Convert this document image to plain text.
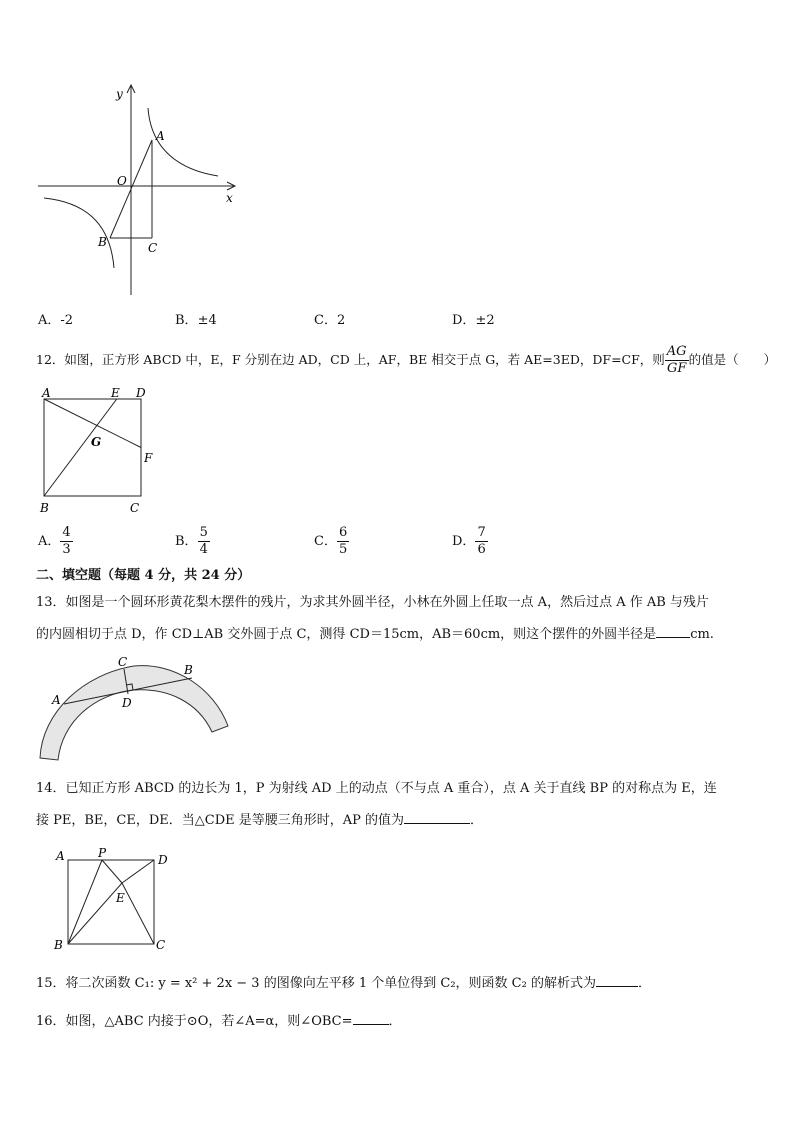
y
x
O
A
B	C
A．-2	B．±4	C．2	D．±2
12．如图，正方形 ABCD 中，E，F 分别在边 AD，CD 上，AF，BE 相交于点 G，若 AE=3ED，DF=CF，则 $\frac{AG}{GF}$ 的值是（　　）
A	E D
G
F
B	C
A． $\frac{4}{3}$	B． $\frac{5}{4}$	C． $\frac{6}{5}$	D． $\frac{7}{6}$
二、填空题（每题 4 分，共 24 分）
13．如图是一个圆环形黄花梨木摆件的残片，为求其外圆半径，小林在外圆上任取一点 A，然后过点 A 作 AB 与残片
的内圆相切于点 D，作 CD⊥AB 交外圆于点 C，测得 CD＝15cm，AB＝60cm，则这个摆件的外圆半径是	cm.
A
B
C
D
14．已知正方形 ABCD 的边长为 1，P 为射线 AD 上的动点（不与点 A 重合），点 A 关于直线 BP 的对称点为 E，连
接 PE，BE，CE，DE．当△CDE 是等腰三角形时，AP 的值为	．
A	P	D
E
B	C
15．将二次函数 C₁: y = x² + 2x − 3 的图像向左平移 1 个单位得到 C₂，则函数 C₂ 的解析式为	．
16．如图，△ABC 内接于⊙O，若∠A=α，则∠OBC=	．
